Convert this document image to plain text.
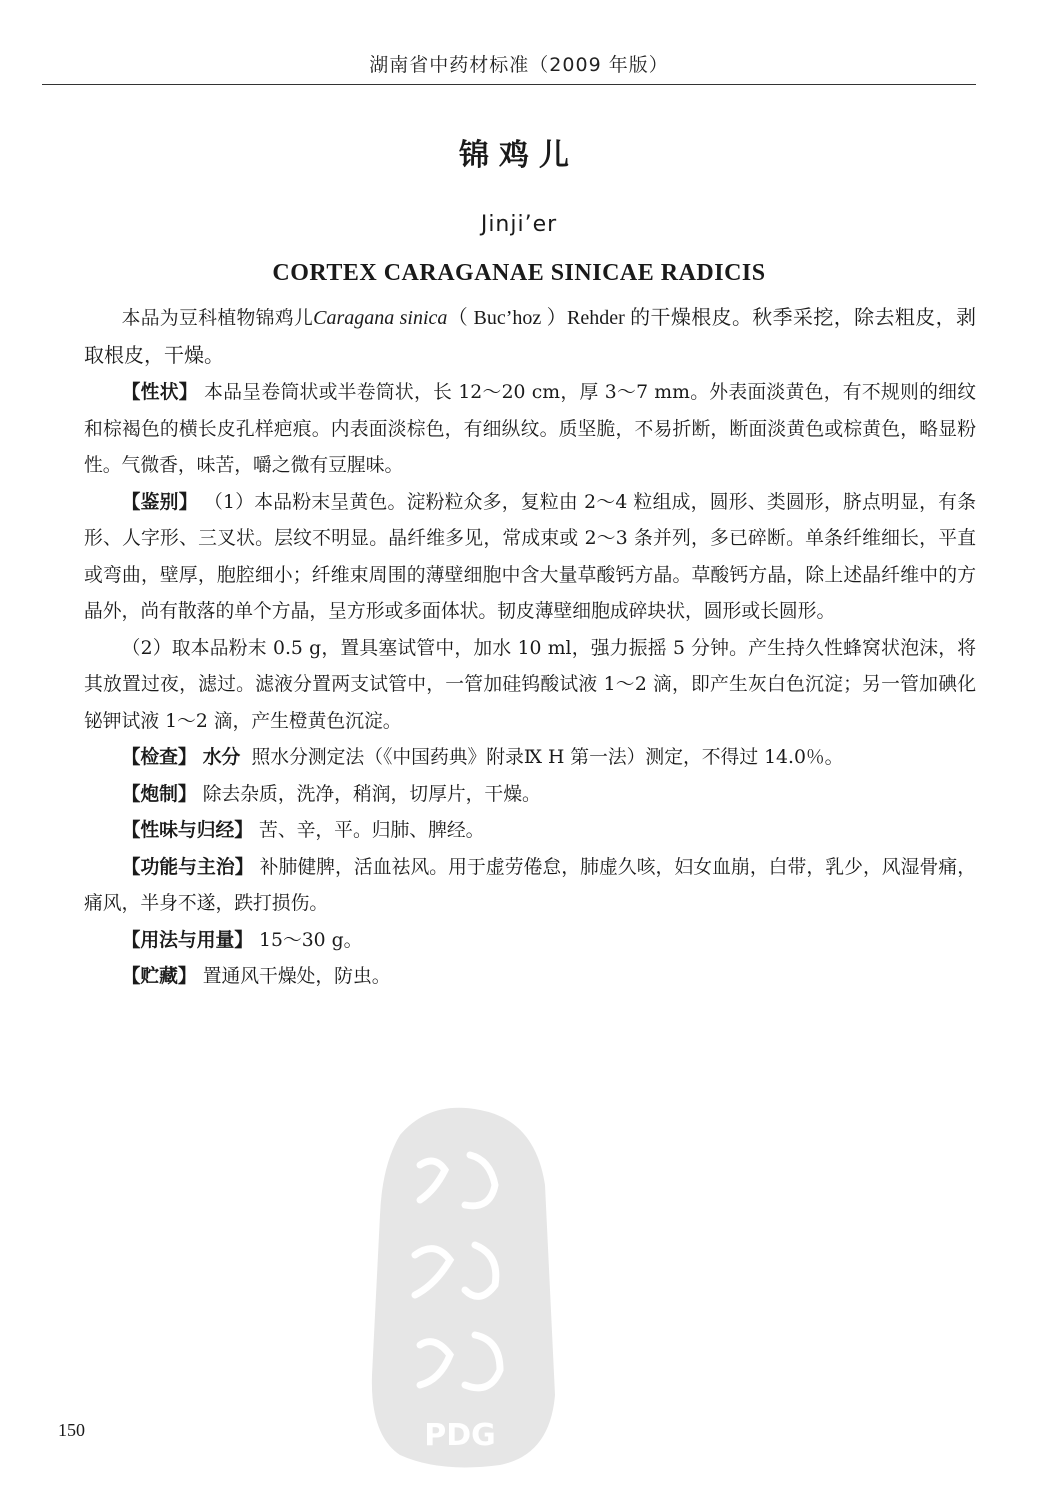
湖南省中药材标准（2009 年版）
锦鸡儿
Jinji’er
CORTEX CARAGANAE SINICAE RADICIS

本品为豆科植物锦鸡儿Caragana sinica（ Buc’hoz ）Rehder 的干燥根皮。秋季采挖，除去粗皮，剥取根皮，干燥。

【性状】 本品呈卷筒状或半卷筒状，长 12～20 cm，厚 3～7 mm。外表面淡黄色，有不规则的细纹和棕褐色的横长皮孔样疤痕。内表面淡棕色，有细纵纹。质坚脆，不易折断，断面淡黄色或棕黄色，略显粉性。气微香，味苦，嚼之微有豆腥味。

【鉴别】 （1）本品粉末呈黄色。淀粉粒众多，复粒由 2～4 粒组成，圆形、类圆形，脐点明显，有条形、人字形、三叉状。层纹不明显。晶纤维多见，常成束或 2～3 条并列，多已碎断。单条纤维细长，平直或弯曲，壁厚，胞腔细小；纤维束周围的薄壁细胞中含大量草酸钙方晶。草酸钙方晶，除上述晶纤维中的方晶外，尚有散落的单个方晶，呈方形或多面体状。韧皮薄壁细胞成碎块状，圆形或长圆形。

（2）取本品粉末 0.5 g，置具塞试管中，加水 10 ml，强力振摇 5 分钟。产生持久性蜂窝状泡沫，将其放置过夜，滤过。滤液分置两支试管中，一管加硅钨酸试液 1～2 滴，即产生灰白色沉淀；另一管加碘化铋钾试液 1～2 滴，产生橙黄色沉淀。

【检查】 水分 照水分测定法（《中国药典》附录Ⅸ H 第一法）测定，不得过 14.0％。

【炮制】 除去杂质，洗净，稍润，切厚片，干燥。

【性味与归经】 苦、辛，平。归肺、脾经。

【功能与主治】 补肺健脾，活血祛风。用于虚劳倦怠，肺虚久咳，妇女血崩，白带，乳少，风湿骨痛，痛风，半身不遂，跌打损伤。

【用法与用量】 15～30 g。

【贮藏】 置通风干燥处，防虫。

150	PDG
